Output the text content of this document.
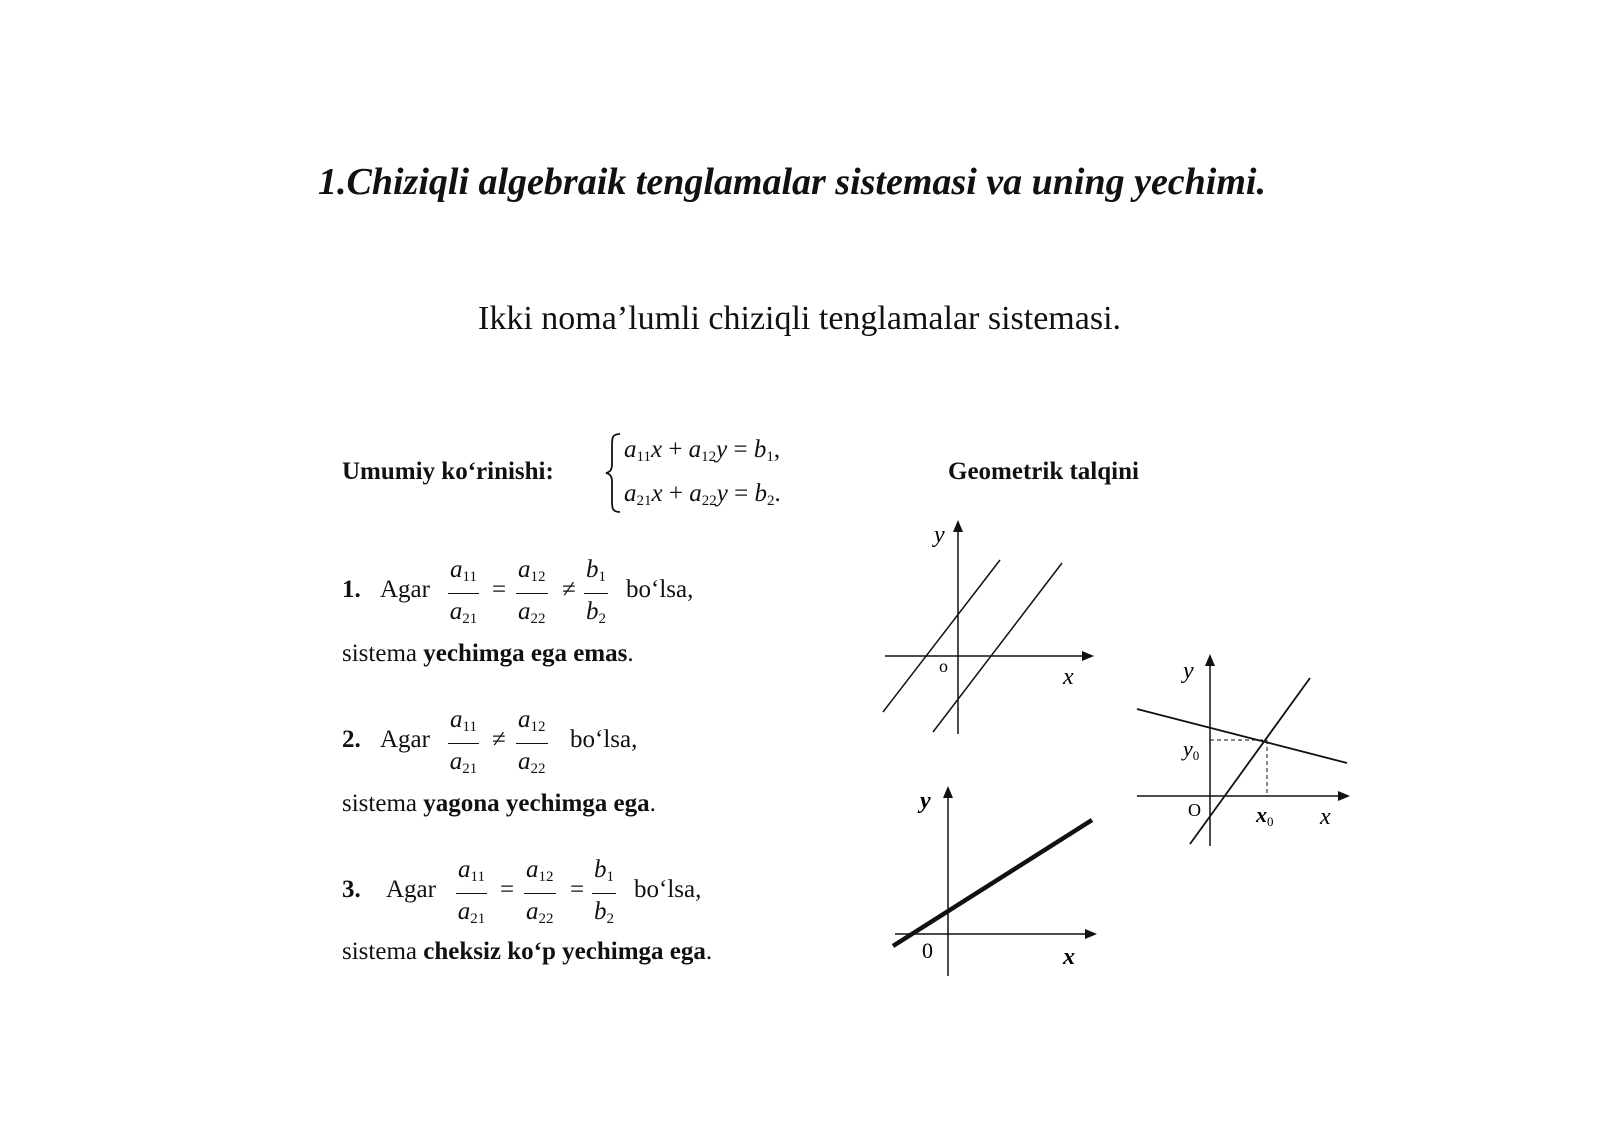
1.Chiziqli algebraik tenglamalar sistemasi va uning yechimi.
Ikki noma’lumli chiziqli tenglamalar sistemasi.
Umumiy ko‘rinishi:
$a_{11}x + a_{12}y = b_1$,
$a_{21}x + a_{22}y = b_2$.
Geometrik talqini
1. Agar $\frac{a_{11}}{a_{21}} = \frac{a_{12}}{a_{22}} \ne \frac{b_1}{b_2}$ bo‘lsa,
sistema yechimga ega emas.
2. Agar $\frac{a_{11}}{a_{21}} \ne \frac{a_{12}}{a_{22}}$ bo‘lsa,
sistema yagona yechimga ega.
3. Agar $\frac{a_{11}}{a_{21}} = \frac{a_{12}}{a_{22}} = \frac{b_1}{b_2}$ bo‘lsa,
sistema cheksiz ko‘p yechimga ega.
y
x
o	y
x
O
y0
x0
y
x
0
